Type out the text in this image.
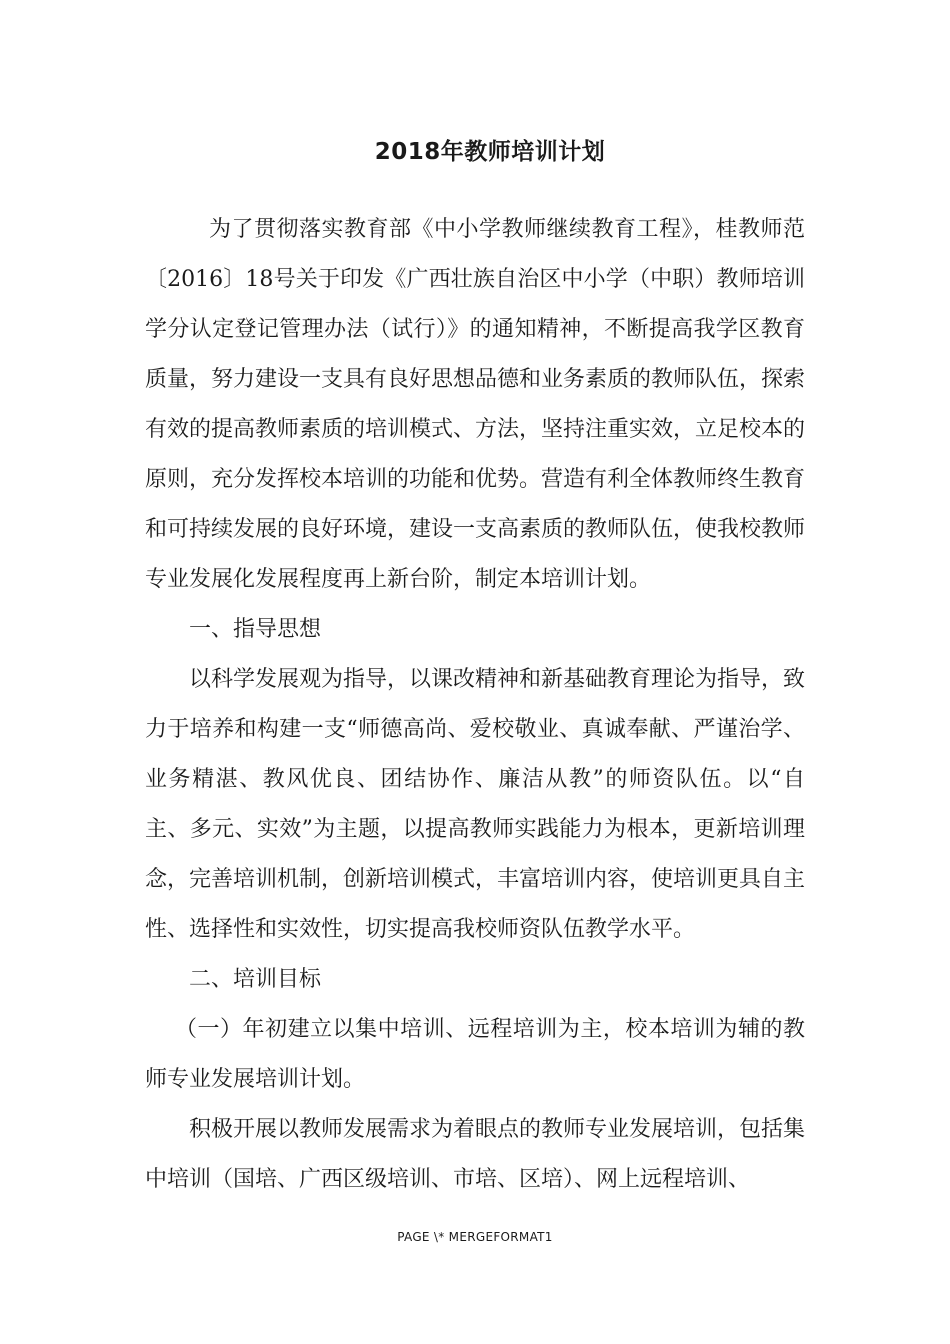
2018年教师培训计划

为了贯彻落实教育部《中小学教师继续教育工程》，桂教师范〔2016〕18号关于印发《广西壮族自治区中小学（中职）教师培训学分认定登记管理办法（试行）》的通知精神，不断提高我学区教育质量，努力建设一支具有良好思想品德和业务素质的教师队伍，探索有效的提高教师素质的培训模式、方法，坚持注重实效，立足校本的原则，充分发挥校本培训的功能和优势。营造有利全体教师终生教育和可持续发展的良好环境，建设一支高素质的教师队伍，使我校教师专业发展化发展程度再上新台阶，制定本培训计划。

一、指导思想

以科学发展观为指导，以课改精神和新基础教育理论为指导，致力于培养和构建一支“师德高尚、爱校敬业、真诚奉献、严谨治学、业务精湛、教风优良、团结协作、廉洁从教”的师资队伍。以“自主、多元、实效”为主题，以提高教师实践能力为根本，更新培训理念，完善培训机制，创新培训模式，丰富培训内容，使培训更具自主性、选择性和实效性，切实提高我校师资队伍教学水平。

二、培训目标

（一）年初建立以集中培训、远程培训为主，校本培训为辅的教师专业发展培训计划。

积极开展以教师发展需求为着眼点的教师专业发展培训，包括集中培训（国培、广西区级培训、市培、区培）、网上远程培训、

PAGE \* MERGEFORMAT1
